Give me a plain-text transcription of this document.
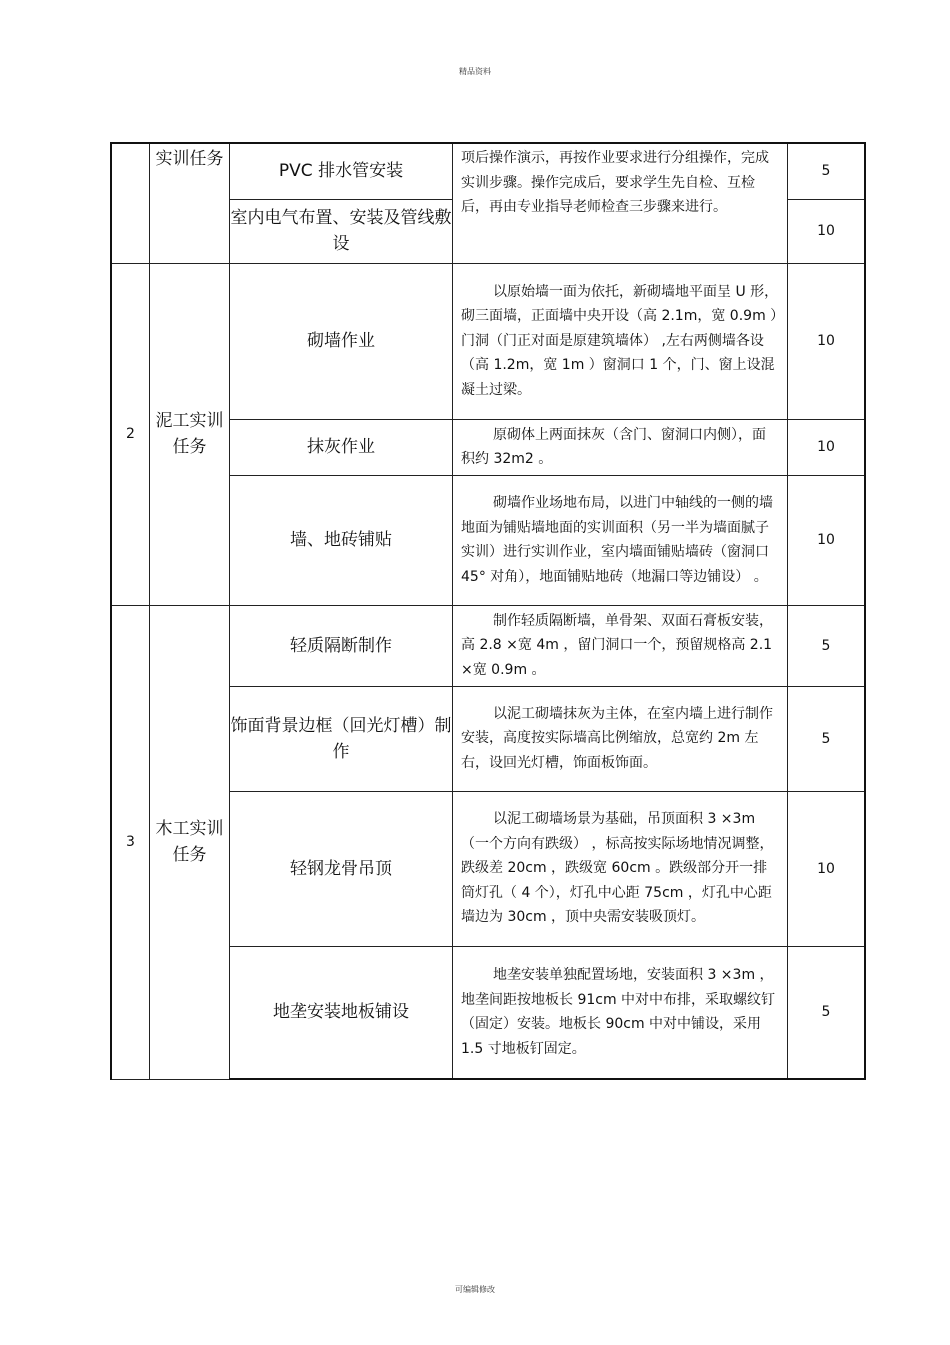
精品资料
	实训任务	PVC 排水管安装	项后操作演示，再按作业要求进行分组操作，完成实训步骤。操作完成后，要求学生先自检、互检后，再由专业指导老师检查三步骤来进行。	5
		室内电气布置、安装及管线敷设		10
2	泥工实训任务	砌墙作业	以原始墙一面为依托，新砌墙地平面呈 U 形，砌三面墙，正面墙中央开设（高 2.1m，宽 0.9m ）门洞（门正对面是原建筑墙体） ,左右两侧墙各设（高 1.2m，宽 1m ）窗洞口 1 个，门、窗上设混凝土过梁。	10
		抹灰作业	原砌体上两面抹灰（含门、窗洞口内侧），面积约 32m2 。	10
		墙、地砖铺贴	砌墙作业场地布局，以进门中轴线的一侧的墙地面为铺贴墙地面的实训面积（另一半为墙面腻子实训）进行实训作业，室内墙面铺贴墙砖（窗洞口 45° 对角），地面铺贴地砖（地漏口等边铺设） 。	10
3	木工实训任务	轻质隔断制作	制作轻质隔断墙，单骨架、双面石膏板安装，高 2.8 ×宽 4m ，留门洞口一个，预留规格高 2.1 ×宽 0.9m 。	5
		饰面背景边框（回光灯槽）制作	以泥工砌墙抹灰为主体，在室内墙上进行制作安装，高度按实际墙高比例缩放，总宽约 2m 左右，设回光灯槽，饰面板饰面。	5
		轻钢龙骨吊顶	以泥工砌墙场景为基础，吊顶面积 3 ×3m （一个方向有跌级） ，标高按实际场地情况调整，跌级差 20cm ，跌级宽 60cm 。跌级部分开一排筒灯孔（ 4 个），灯孔中心距 75cm ，灯孔中心距墙边为 30cm ，顶中央需安装吸顶灯。	10
		地垄安装地板铺设	地垄安装单独配置场地，安装面积 3 ×3m ，地垄间距按地板长 91cm 中对中布排，采取螺纹钉（固定）安装。地板长 90cm 中对中铺设，采用 1.5 寸地板钉固定。	5
可编辑修改
